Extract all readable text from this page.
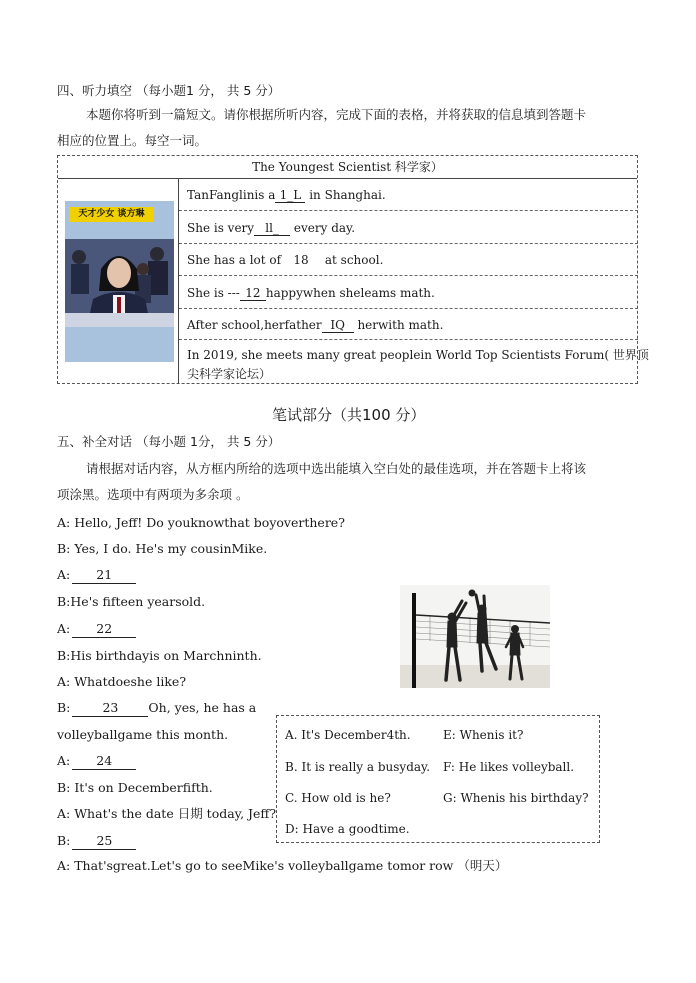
四、听力填空 （每小题1 分， 共 5 分）
本题你将听到一篇短文。请你根据所听内容，完成下面的表格，并将获取的信息填到答题卡
相应的位置上。每空一词。
The Youngest Scientist 科学家）
TanFanglinis a 1_L in Shanghai.
She is very ll_ every day.
She has a lot of 18 at school.
She is --- 12 happywhen sheleams math.
After school,herfather IQ herwith math.
In 2019, she meets many great peoplein World Top Scientists Forum( 世界顶
尖科学家论坛）
天才少女 谈方琳
笔试部分（共100 分）
五、补全对话 （每小题 1分， 共 5 分）
请根据对话内容，从方框内所给的选项中选出能填入空白处的最佳选项，并在答题卡上将该
项涂黑。选项中有两项为多余项 。
A: Hello, Jeff! Do youknowthat boyoverthere?
B: Yes, I do. He's my cousinMike.
A: 21
B:He's fifteen yearsold.
A: 22
B:His birthdayis on Marchninth.
A: Whatdoeshe like?
B:	23 Oh, yes, he has a
volleyballgame this month.
A: 24
B: It's on Decemberfifth.
A: What's the date 日期 today, Jeff?
B: 25
A: That'sgreat.Let's go to seeMike's volleyballgame tomor row （明天）
A. It's December4th.	E: Whenis it?
B. It is really a busyday. F: He likes volleyball.
C. How old is he?	G: Whenis his birthday?
D: Have a goodtime.
